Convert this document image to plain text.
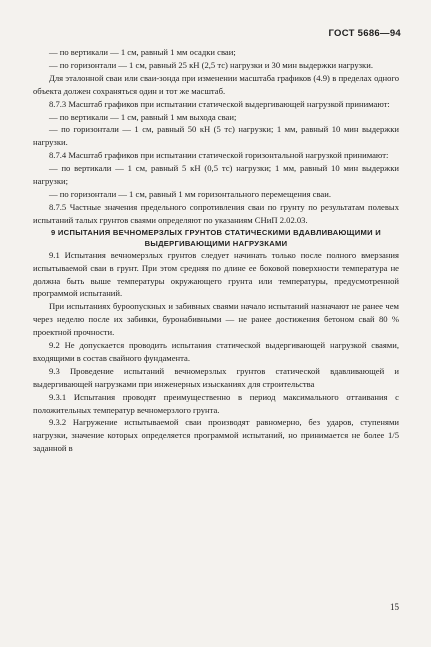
ГОСТ 5686—94

— по вертикали — 1 см, равный 1 мм осадки сваи;

— по горизонтали — 1 см, равный 25 кН (2,5 тс) нагрузки и 30 мин выдержки нагрузки.

Для эталонной сваи или сваи-зонда при изменении масштаба графиков (4.9) в пределах одного объекта должен сохраняться один и тот же масштаб.

8.7.3 Масштаб графиков при испытании статической выдергивающей нагрузкой принимают:

— по вертикали — 1 см, равный 1 мм выхода сваи;

— по горизонтали — 1 см, равный 50 кН (5 тс) нагрузки; 1 мм, равный 10 мин выдержки нагрузки.

8.7.4 Масштаб графиков при испытании статической горизонтальной нагрузкой принимают:

— по вертикали — 1 см, равный 5 кН (0,5 тс) нагрузки; 1 мм, равный 10 мин выдержки нагрузки;

— по горизонтали — 1 см, равный 1 мм горизонтального перемещения сваи.

8.7.5 Частные значения предельного сопротивления сваи по грунту по результатам полевых испытаний талых грунтов сваями определяют по указаниям СНиП 2.02.03.

9 ИСПЫТАНИЯ ВЕЧНОМЕРЗЛЫХ ГРУНТОВ СТАТИЧЕСКИМИ ВДАВЛИВАЮЩИМИ И ВЫДЕРГИВАЮЩИМИ НАГРУЗКАМИ

9.1 Испытания вечномерзлых грунтов следует начинать только после полного вмерзания испытываемой сваи в грунт. При этом средняя по длине ее боковой поверхности температура не должна быть выше температуры окружающего грунта или температуры, предусмотренной программой испытаний.

При испытаниях буроопускных и забивных сваями начало испытаний назначают не ранее чем через неделю после их забивки, буронабивными — не ранее достижения бетоном свай 80 % проектной прочности.

9.2 Не допускается проводить испытания статической выдергивающей нагрузкой сваями, входящими в состав свайного фундамента.

9.3 Проведение испытаний вечномерзлых грунтов статической вдавливающей и выдергивающей нагрузками при инженерных изысканиях для строительства

9.3.1 Испытания проводят преимущественно в период максимального оттаивания с положительных температур вечномерзлого грунта.

9.3.2 Нагружение испытываемой сваи производят равномерно, без ударов, ступенями нагрузки, значение которых определяется программой испытаний, но принимается не более 1/5 заданной в

15
